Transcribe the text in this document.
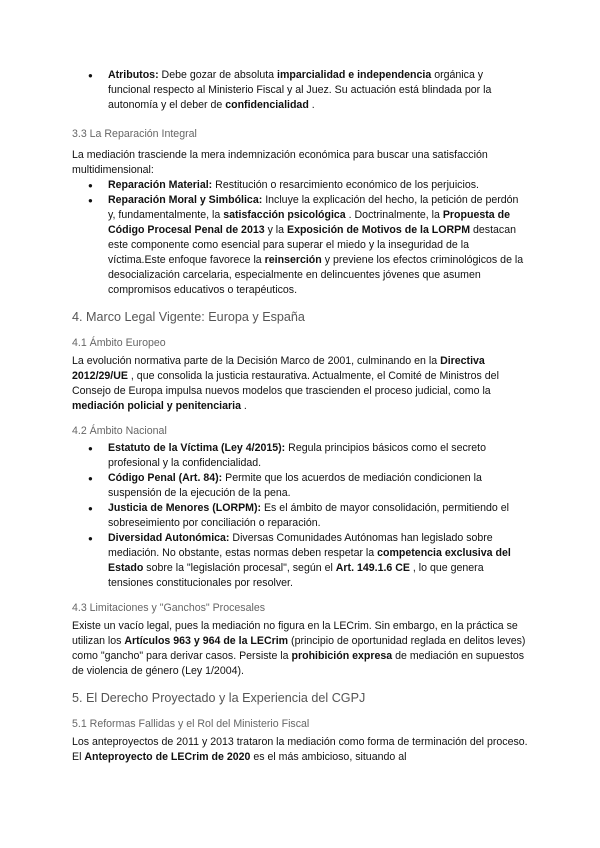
● Atributos: Debe gozar de absoluta imparcialidad e independencia orgánica y funcional respecto al Ministerio Fiscal y al Juez. Su actuación está blindada por la autonomía y el deber de confidencialidad .

3.3 La Reparación Integral

La mediación trasciende la mera indemnización económica para buscar una satisfacción multidimensional:

● Reparación Material: Restitución o resarcimiento económico de los perjuicios.
● Reparación Moral y Simbólica: Incluye la explicación del hecho, la petición de perdón y, fundamentalmente, la satisfacción psicológica . Doctrinalmente, la Propuesta de Código Procesal Penal de 2013 y la Exposición de Motivos de la LORPM destacan este componente como esencial para superar el miedo y la inseguridad de la víctima.Este enfoque favorece la reinserción y previene los efectos criminológicos de la desocialización carcelaria, especialmente en delincuentes jóvenes que asumen compromisos educativos o terapéuticos.

4. Marco Legal Vigente: Europa y España

4.1 Ámbito Europeo

La evolución normativa parte de la Decisión Marco de 2001, culminando en la Directiva 2012/29/UE , que consolida la justicia restaurativa. Actualmente, el Comité de Ministros del Consejo de Europa impulsa nuevos modelos que trascienden el proceso judicial, como la mediación policial y penitenciaria .

4.2 Ámbito Nacional

● Estatuto de la Víctima (Ley 4/2015): Regula principios básicos como el secreto profesional y la confidencialidad.
● Código Penal (Art. 84): Permite que los acuerdos de mediación condicionen la suspensión de la ejecución de la pena.
● Justicia de Menores (LORPM): Es el ámbito de mayor consolidación, permitiendo el sobreseimiento por conciliación o reparación.
● Diversidad Autonómica: Diversas Comunidades Autónomas han legislado sobre mediación. No obstante, estas normas deben respetar la competencia exclusiva del Estado sobre la "legislación procesal", según el Art. 149.1.6 CE , lo que genera tensiones constitucionales por resolver.

4.3 Limitaciones y "Ganchos" Procesales

Existe un vacío legal, pues la mediación no figura en la LECrim. Sin embargo, en la práctica se utilizan los Artículos 963 y 964 de la LECrim (principio de oportunidad reglada en delitos leves) como "gancho" para derivar casos. Persiste la prohibición expresa de mediación en supuestos de violencia de género (Ley 1/2004).

5. El Derecho Proyectado y la Experiencia del CGPJ

5.1 Reformas Fallidas y el Rol del Ministerio Fiscal

Los anteproyectos de 2011 y 2013 trataron la mediación como forma de terminación del proceso. El Anteproyecto de LECrim de 2020 es el más ambicioso, situando al
